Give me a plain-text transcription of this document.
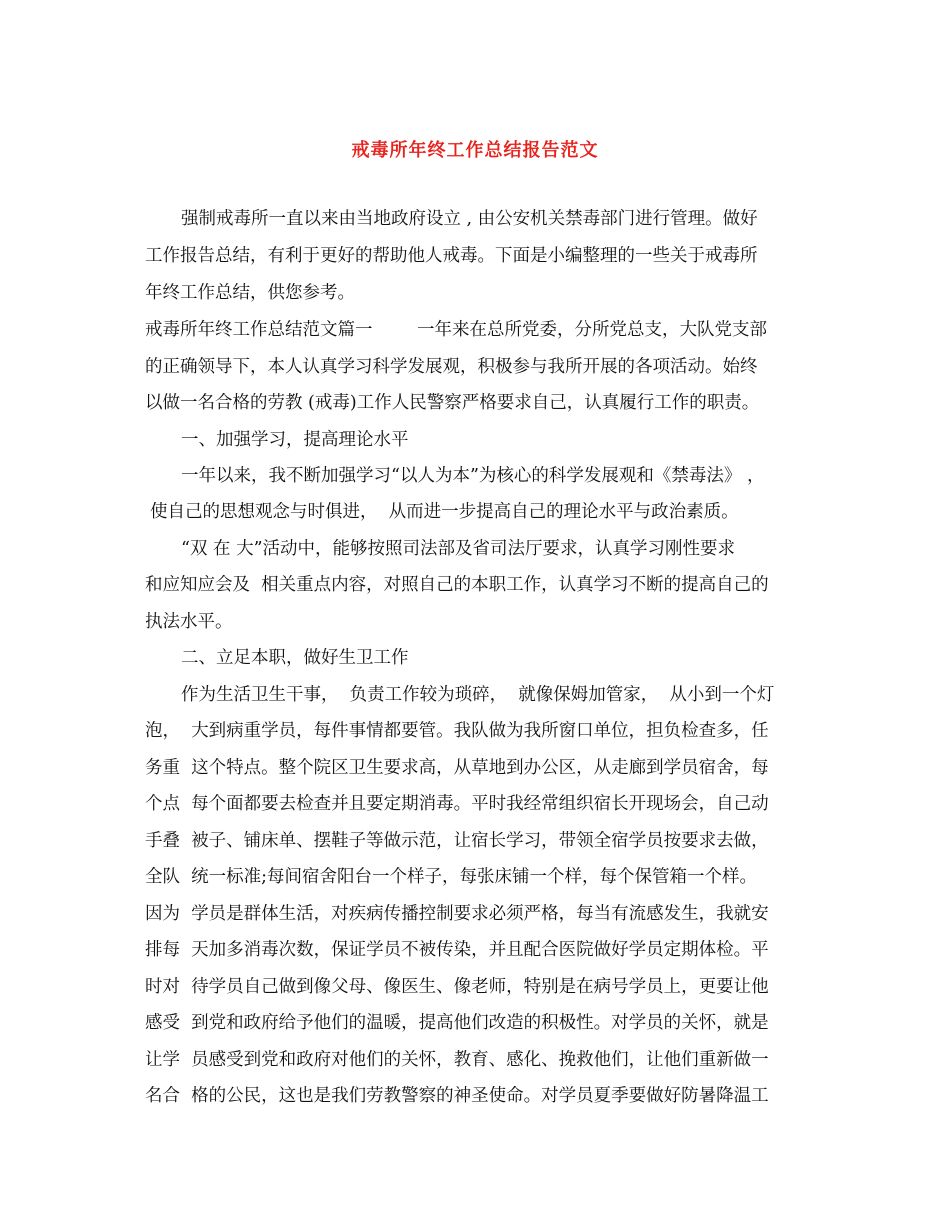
戒毒所年终工作总结报告范文
强制戒毒所一直以来由当地政府设立 , 由公安机关禁毒部门进行管理。做好
工作报告总结，有利于更好的帮助他人戒毒。下面是小编整理的一些关于戒毒所
年终工作总结，供您参考。
戒毒所年终工作总结范文篇一        一年来在总所党委，分所党总支，大队党支部
的正确领导下，本人认真学习科学发展观，积极参与我所开展的各项活动。始终
以做一名合格的劳教 (戒毒)工作人民警察严格要求自己，认真履行工作的职责。
一、加强学习，提高理论水平
一年以来，我不断加强学习“以人为本”为核心的科学发展观和《禁毒法》 ，
使自己的思想观念与时俱进，  从而进一步提高自己的理论水平与政治素质。
“双 在 大”活动中，能够按照司法部及省司法厅要求，认真学习刚性要求
和应知应会及  相关重点内容，对照自己的本职工作，认真学习不断的提高自己的
执法水平。
二、立足本职，做好生卫工作
作为生活卫生干事，  负责工作较为琐碎，  就像保姆加管家，  从小到一个灯
泡，  大到病重学员，每件事情都要管。我队做为我所窗口单位，担负检查多，任
务重  这个特点。整个院区卫生要求高，从草地到办公区，从走廊到学员宿舍，每
个点  每个面都要去检查并且要定期消毒。平时我经常组织宿长开现场会，自己动
手叠  被子、铺床单、摆鞋子等做示范，让宿长学习，带领全宿学员按要求去做，
全队  统一标准;每间宿舍阳台一个样子，每张床铺一个样，每个保管箱一个样。
因为  学员是群体生活，对疾病传播控制要求必须严格，每当有流感发生，我就安
排每  天加多消毒次数，保证学员不被传染，并且配合医院做好学员定期体检。平
时对  待学员自己做到像父母、像医生、像老师，特别是在病号学员上，更要让他
感受  到党和政府给予他们的温暖，提高他们改造的积极性。对学员的关怀，就是
让学  员感受到党和政府对他们的关怀，教育、感化、挽救他们，让他们重新做一
名合  格的公民，这也是我们劳教警察的神圣使命。对学员夏季要做好防暑降温工
